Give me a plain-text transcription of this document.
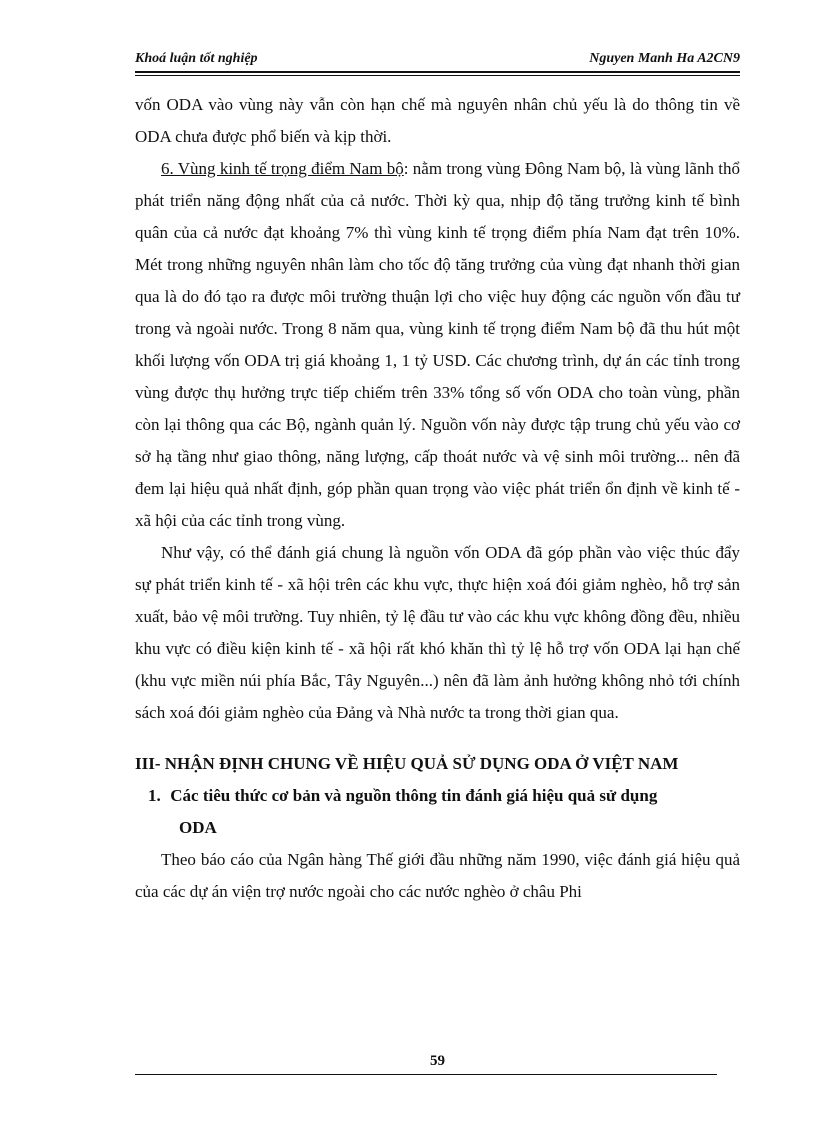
Khoá luận tốt nghiệp	Nguyen Manh Ha A2CN9

vốn ODA vào vùng này vẫn còn hạn chế mà nguyên nhân chủ yếu là do thông tin về ODA chưa được phổ biến và kịp thời.

6. Vùng kinh tế trọng điểm Nam bộ: nằm trong vùng Đông Nam bộ, là vùng lãnh thổ phát triển năng động nhất của cả nước. Thời kỳ qua, nhịp độ tăng trưởng kinh tế bình quân của cả nước đạt khoảng 7% thì vùng kinh tế trọng điểm phía Nam đạt trên 10%. Mét trong những nguyên nhân làm cho tốc độ tăng trưởng của vùng đạt nhanh thời gian qua là do đó tạo ra được môi trường thuận lợi cho việc huy động các nguồn vốn đầu tư trong và ngoài nước. Trong 8 năm qua, vùng kinh tế trọng điểm Nam bộ đã thu hút một khối lượng vốn ODA trị giá khoảng 1, 1 tỷ USD. Các chương trình, dự án các tỉnh trong vùng được thụ hưởng trực tiếp chiếm trên 33% tổng số vốn ODA cho toàn vùng, phần còn lại thông qua các Bộ, ngành quản lý. Nguồn vốn này được tập trung chủ yếu vào cơ sở hạ tầng như giao thông, năng lượng, cấp thoát nước và vệ sinh môi trường... nên đã đem lại hiệu quả nhất định, góp phần quan trọng vào việc phát triển ổn định về kinh tế - xã hội của các tỉnh trong vùng.

Như vậy, có thể đánh giá chung là nguồn vốn ODA đã góp phần vào việc thúc đẩy sự phát triển kinh tế - xã hội trên các khu vực, thực hiện xoá đói giảm nghèo, hỗ trợ sản xuất, bảo vệ môi trường. Tuy nhiên, tỷ lệ đầu tư vào các khu vực không đồng đều, nhiều khu vực có điều kiện kinh tế - xã hội rất khó khăn thì tỷ lệ hỗ trợ vốn ODA lại hạn chế (khu vực miền núi phía Bắc, Tây Nguyên...) nên đã làm ảnh hưởng không nhỏ tới chính sách xoá đói giảm nghèo của Đảng và Nhà nước ta trong thời gian qua.

III- NHẬN ĐỊNH CHUNG VỀ HIỆU QUẢ SỬ DỤNG ODA Ở VIỆT NAM

1. Các tiêu thức cơ bản và nguồn thông tin đánh giá hiệu quả sử dụng
ODA

Theo báo cáo của Ngân hàng Thế giới đầu những năm 1990, việc đánh giá hiệu quả của các dự án viện trợ nước ngoài cho các nước nghèo ở châu Phi

59
